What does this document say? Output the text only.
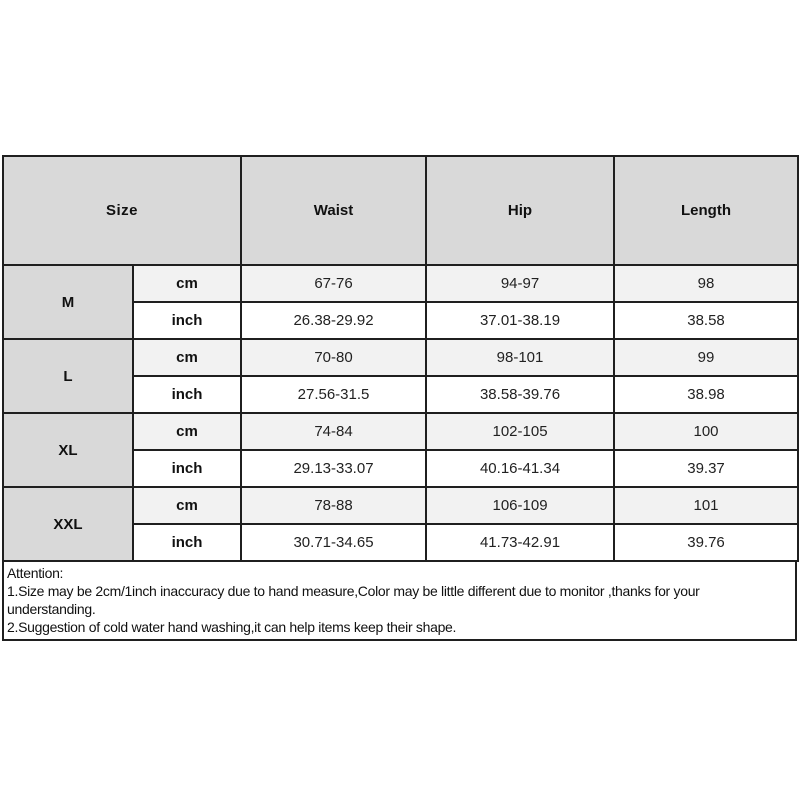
Size		Waist	Hip	Length
M	cm	67-76	94-97	98
	inch	26.38-29.92	37.01-38.19	38.58
L	cm	70-80	98-101	99
	inch	27.56-31.5	38.58-39.76	38.98
XL	cm	74-84	102-105	100
	inch	29.13-33.07	40.16-41.34	39.37
XXL	cm	78-88	106-109	101
	inch	30.71-34.65	41.73-42.91	39.76
Attention:
1.Size may be 2cm/1inch inaccuracy due to hand measure,Color may be little different due to monitor ,thanks for your understanding.
2.Suggestion of cold water hand washing,it can help items keep their shape.
